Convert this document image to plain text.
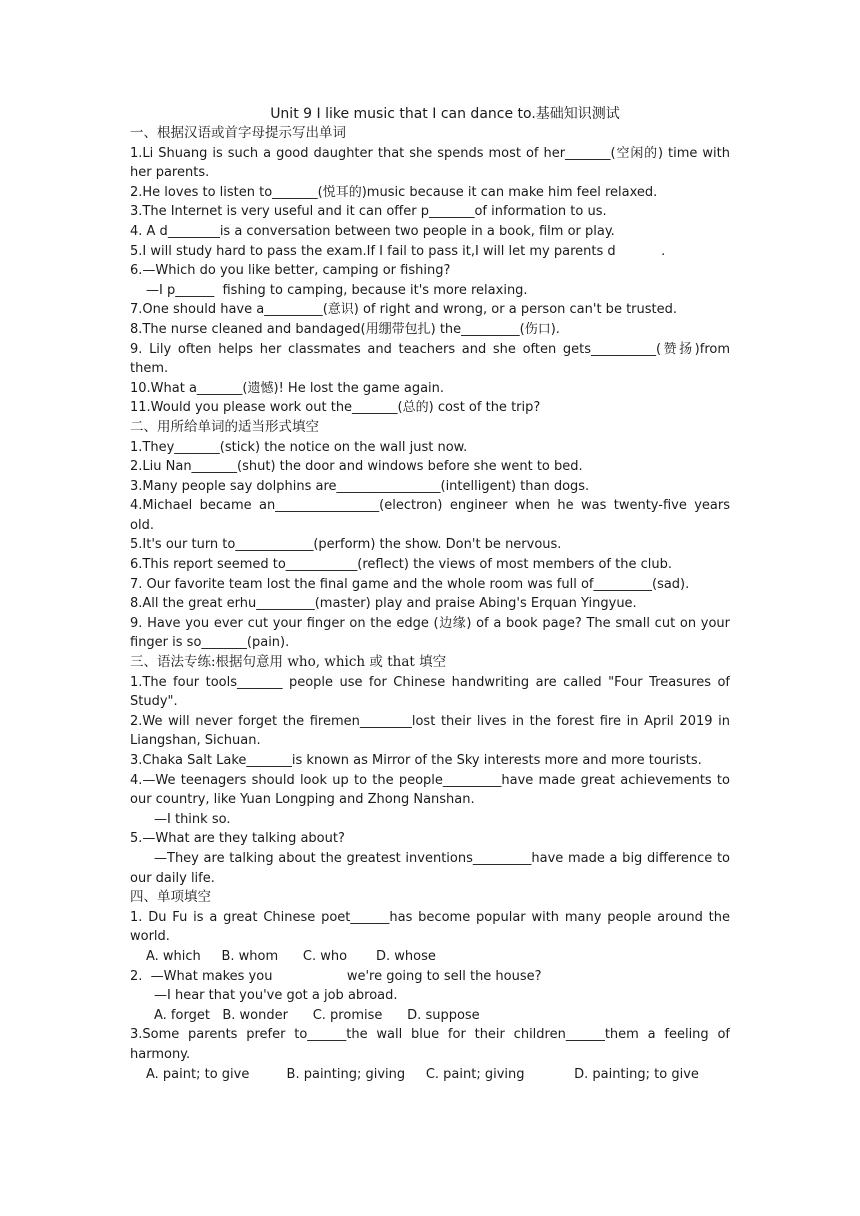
Unit 9 I like music that I can dance to.基础知识测试
一、根据汉语或首字母提示写出单词
1.Li Shuang is such a good daughter that she spends most of her_______(空闲的) time with
her parents.
2.He loves to listen to_______(悦耳的)music because it can make him feel relaxed.
3.The Internet is very useful and it can offer p_______of information to us.
4. A d________is a conversation between two people in a book, film or play.
5.I will study hard to pass the exam.If I fail to pass it,I will let my parents d           .
6.—Which do you like better, camping or fishing?
—I p______  fishing to camping, because it's more relaxing.
7.One should have a_________(意识) of right and wrong, or a person can't be trusted.
8.The nurse cleaned and bandaged(用绷带包扎) the_________(伤口).
9. Lily often helps her classmates and teachers and she often gets__________(赞扬)from
them.
10.What a_______(遗憾)! He lost the game again.
11.Would you please work out the_______(总的) cost of the trip?
二、用所给单词的适当形式填空
1.They_______(stick) the notice on the wall just now.
2.Liu Nan_______(shut) the door and windows before she went to bed.
3.Many people say dolphins are________________(intelligent) than dogs.
4.Michael became an________________(electron) engineer when he was twenty-five years
old.
5.It's our turn to____________(perform) the show. Don't be nervous.
6.This report seemed to___________(reflect) the views of most members of the club.
7. Our favorite team lost the final game and the whole room was full of_________(sad).
8.All the great erhu_________(master) play and praise Abing's Erquan Yingyue.
9. Have you ever cut your finger on the edge (边缘) of a book page? The small cut on your
finger is so_______(pain).
三、语法专练:根据句意用 who, which 或 that 填空
1.The four tools_______ people use for Chinese handwriting are called "Four Treasures of
Study".
2.We will never forget the firemen________lost their lives in the forest fire in April 2019 in
Liangshan, Sichuan.
3.Chaka Salt Lake_______is known as Mirror of the Sky interests more and more tourists.
4.—We teenagers should look up to the people_________have made great achievements to
our country, like Yuan Longping and Zhong Nanshan.
—I think so.
5.—What are they talking about?
—They are talking about the greatest inventions_________have made a big difference to
our daily life.
四、单项填空
1. Du Fu is a great Chinese poet______has become popular with many people around the
world.
A. which     B. whom      C. who       D. whose
2.  —What makes you                  we're going to sell the house?
—I hear that you've got a job abroad.
A. forget   B. wonder      C. promise      D. suppose
3.Some parents prefer to______the wall blue for their children______them a feeling of
harmony.
A. paint; to give         B. painting; giving     C. paint; giving            D. painting; to give
